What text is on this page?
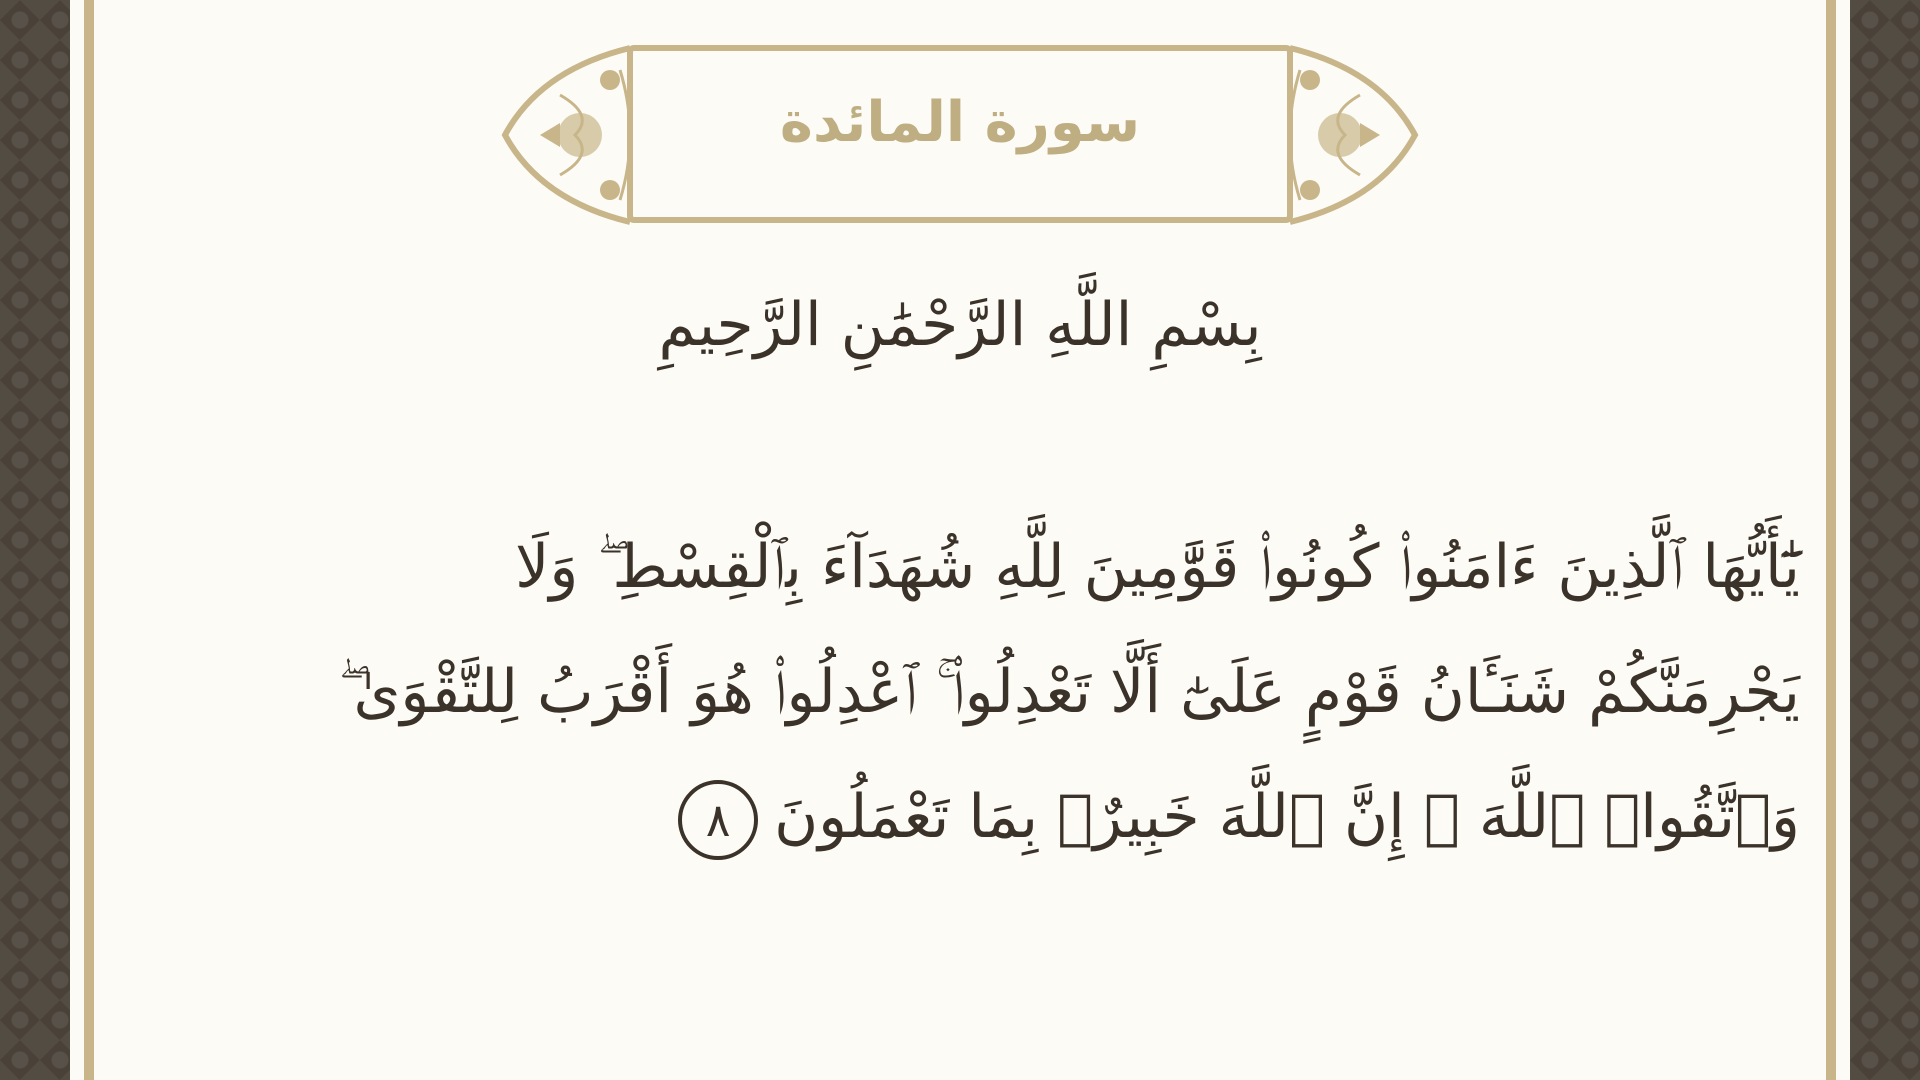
سورة المائدة
بِسْمِ اللَّهِ الرَّحْمَٰنِ الرَّحِيمِ
يَٰٓأَيُّهَا ٱلَّذِينَ ءَامَنُوا۟ كُونُوا۟ قَوَّٰمِينَ لِلَّهِ شُهَدَآءَ بِٱلْقِسْطِ ۖ وَلَا
يَجْرِمَنَّكُمْ شَنَـَٔانُ قَوْمٍ عَلَىٰٓ أَلَّا تَعْدِلُوا۟ ۚ ٱعْدِلُوا۟ هُوَ أَقْرَبُ لِلتَّقْوَىٰ ۖ
وَٱتَّقُوا۟ ٱللَّهَ ۚ إِنَّ ٱللَّهَ خَبِيرٌۢ بِمَا تَعْمَلُونَ٨
